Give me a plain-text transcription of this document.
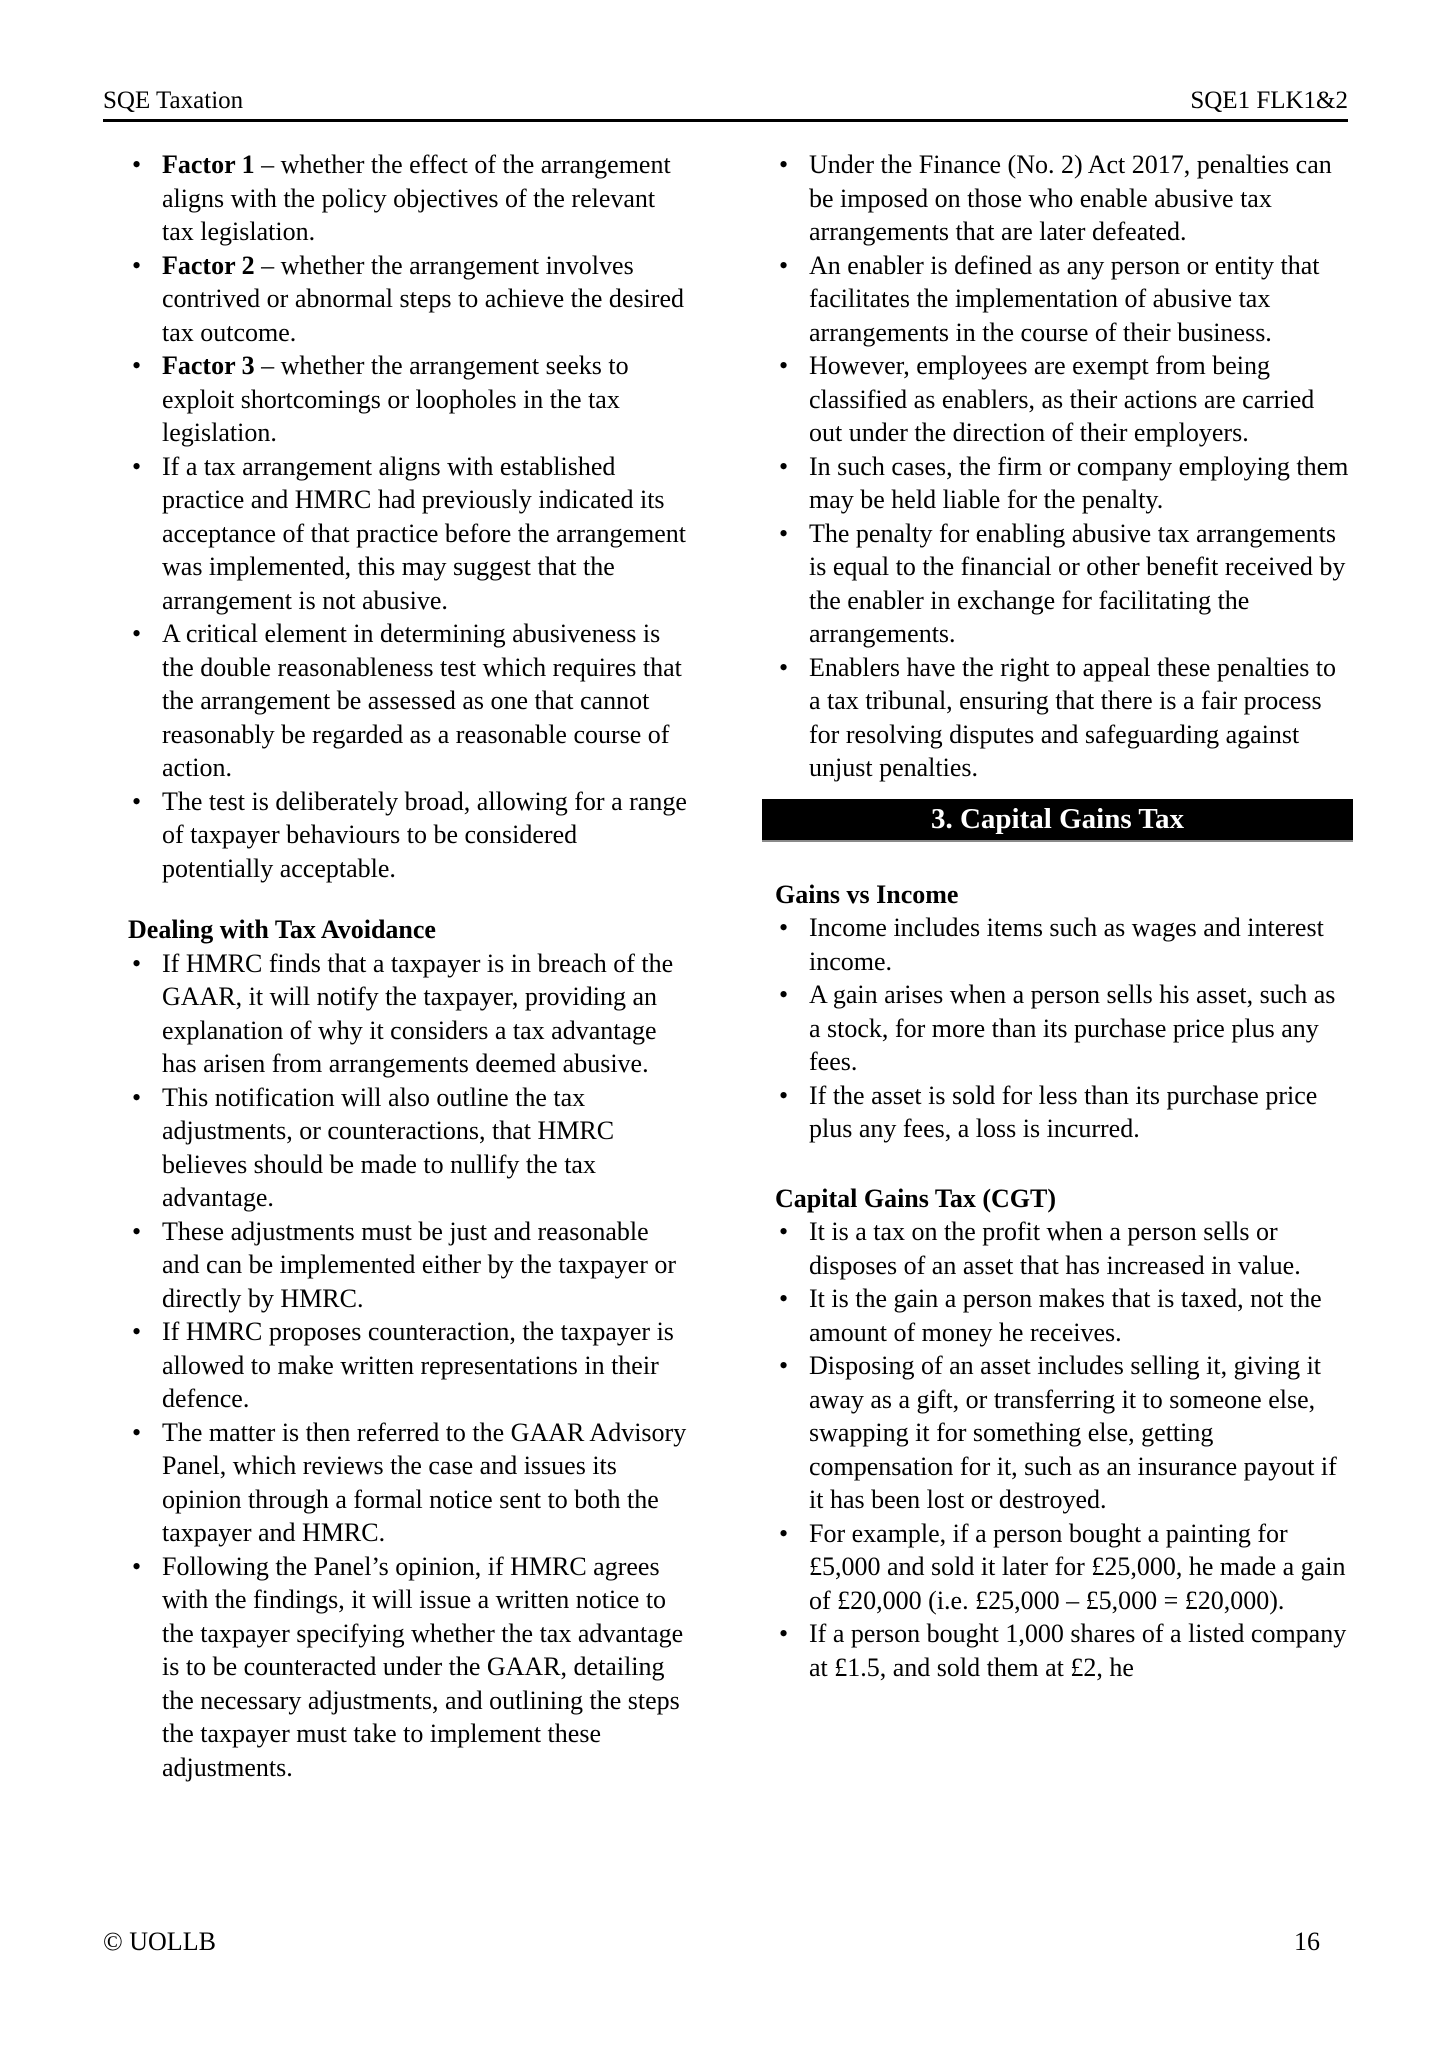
SQE Taxation	SQE1 FLK1&2
• Factor 1 – whether the effect of the arrangement aligns with the policy objectives of the relevant tax legislation.
• Factor 2 – whether the arrangement involves contrived or abnormal steps to achieve the desired tax outcome.
• Factor 3 – whether the arrangement seeks to exploit shortcomings or loopholes in the tax legislation.
• If a tax arrangement aligns with established practice and HMRC had previously indicated its acceptance of that practice before the arrangement was implemented, this may suggest that the arrangement is not abusive.
• A critical element in determining abusiveness is the double reasonableness test which requires that the arrangement be assessed as one that cannot reasonably be regarded as a reasonable course of action.
• The test is deliberately broad, allowing for a range of taxpayer behaviours to be considered potentially acceptable.
Dealing with Tax Avoidance
• If HMRC finds that a taxpayer is in breach of the GAAR, it will notify the taxpayer, providing an explanation of why it considers a tax advantage has arisen from arrangements deemed abusive.
• This notification will also outline the tax adjustments, or counteractions, that HMRC believes should be made to nullify the tax advantage.
• These adjustments must be just and reasonable and can be implemented either by the taxpayer or directly by HMRC.
• If HMRC proposes counteraction, the taxpayer is allowed to make written representations in their defence.
• The matter is then referred to the GAAR Advisory Panel, which reviews the case and issues its opinion through a formal notice sent to both the taxpayer and HMRC.
• Following the Panel’s opinion, if HMRC agrees with the findings, it will issue a written notice to the taxpayer specifying whether the tax advantage is to be counteracted under the GAAR, detailing the necessary adjustments, and outlining the steps the taxpayer must take to implement these adjustments.
• Under the Finance (No. 2) Act 2017, penalties can be imposed on those who enable abusive tax arrangements that are later defeated.
• An enabler is defined as any person or entity that facilitates the implementation of abusive tax arrangements in the course of their business.
• However, employees are exempt from being classified as enablers, as their actions are carried out under the direction of their employers.
• In such cases, the firm or company employing them may be held liable for the penalty.
• The penalty for enabling abusive tax arrangements is equal to the financial or other benefit received by the enabler in exchange for facilitating the arrangements.
• Enablers have the right to appeal these penalties to a tax tribunal, ensuring that there is a fair process for resolving disputes and safeguarding against unjust penalties.
3. Capital Gains Tax
Gains vs Income
• Income includes items such as wages and interest income.
• A gain arises when a person sells his asset, such as a stock, for more than its purchase price plus any fees.
• If the asset is sold for less than its purchase price plus any fees, a loss is incurred.
Capital Gains Tax (CGT)
• It is a tax on the profit when a person sells or disposes of an asset that has increased in value.
• It is the gain a person makes that is taxed, not the amount of money he receives.
• Disposing of an asset includes selling it, giving it away as a gift, or transferring it to someone else, swapping it for something else, getting compensation for it, such as an insurance payout if it has been lost or destroyed.
• For example, if a person bought a painting for £5,000 and sold it later for £25,000, he made a gain of £20,000 (i.e. £25,000 – £5,000 = £20,000).
• If a person bought 1,000 shares of a listed company at £1.5, and sold them at £2, he
© UOLLB	16
